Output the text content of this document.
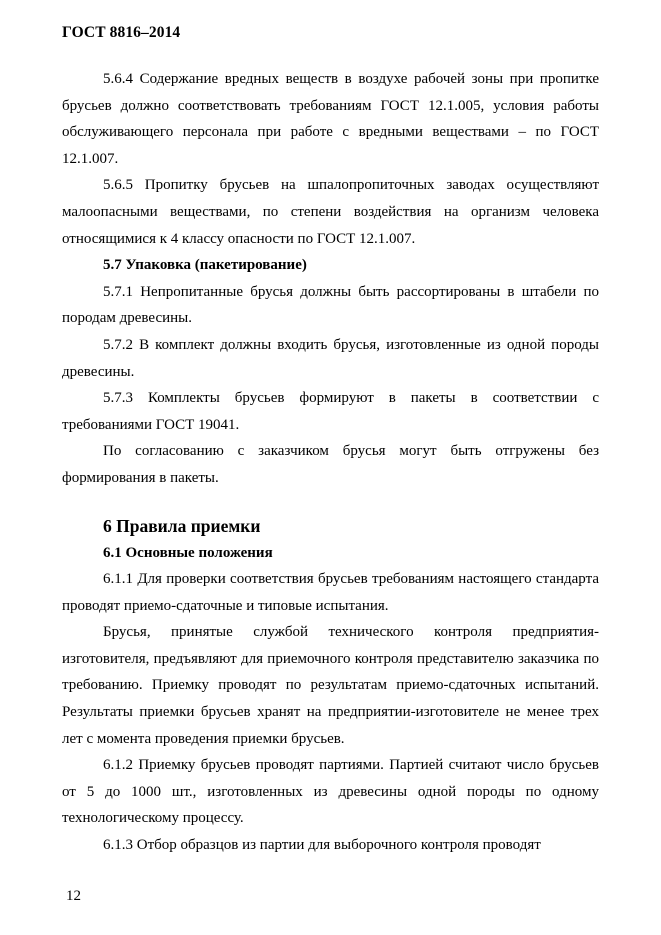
ГОСТ 8816–2014

5.6.4 Содержание вредных веществ в воздухе рабочей зоны при пропитке брусьев должно соответствовать требованиям ГОСТ 12.1.005, условия работы обслуживающего персонала при работе с вредными веществами – по ГОСТ 12.1.007.

5.6.5 Пропитку брусьев на шпалопропиточных заводах осуществляют малоопасными веществами, по степени воздействия на организм человека относящимися к 4 классу опасности по ГОСТ 12.1.007.

5.7 Упаковка (пакетирование)

5.7.1 Непропитанные брусья должны быть рассортированы в штабели по породам древесины.

5.7.2 В комплект должны входить брусья, изготовленные из одной породы древесины.

5.7.3 Комплекты брусьев формируют в пакеты в соответствии с требованиями ГОСТ 19041.

По согласованию с заказчиком брусья могут быть отгружены без формирования в пакеты.

6 Правила приемки

6.1 Основные положения

6.1.1 Для проверки соответствия брусьев требованиям настоящего стандарта проводят приемо-сдаточные и типовые испытания.

Брусья, принятые службой технического контроля предприятия-изготовителя, предъявляют для приемочного контроля представителю заказчика по требованию. Приемку проводят по результатам приемо-сдаточных испытаний. Результаты приемки брусьев хранят на предприятии-изготовителе не менее трех лет с момента проведения приемки брусьев.

6.1.2 Приемку брусьев проводят партиями. Партией считают число брусьев от 5 до 1000 шт., изготовленных из древесины одной породы по одному технологическому процессу.

6.1.3 Отбор образцов из партии для выборочного контроля проводят

12
